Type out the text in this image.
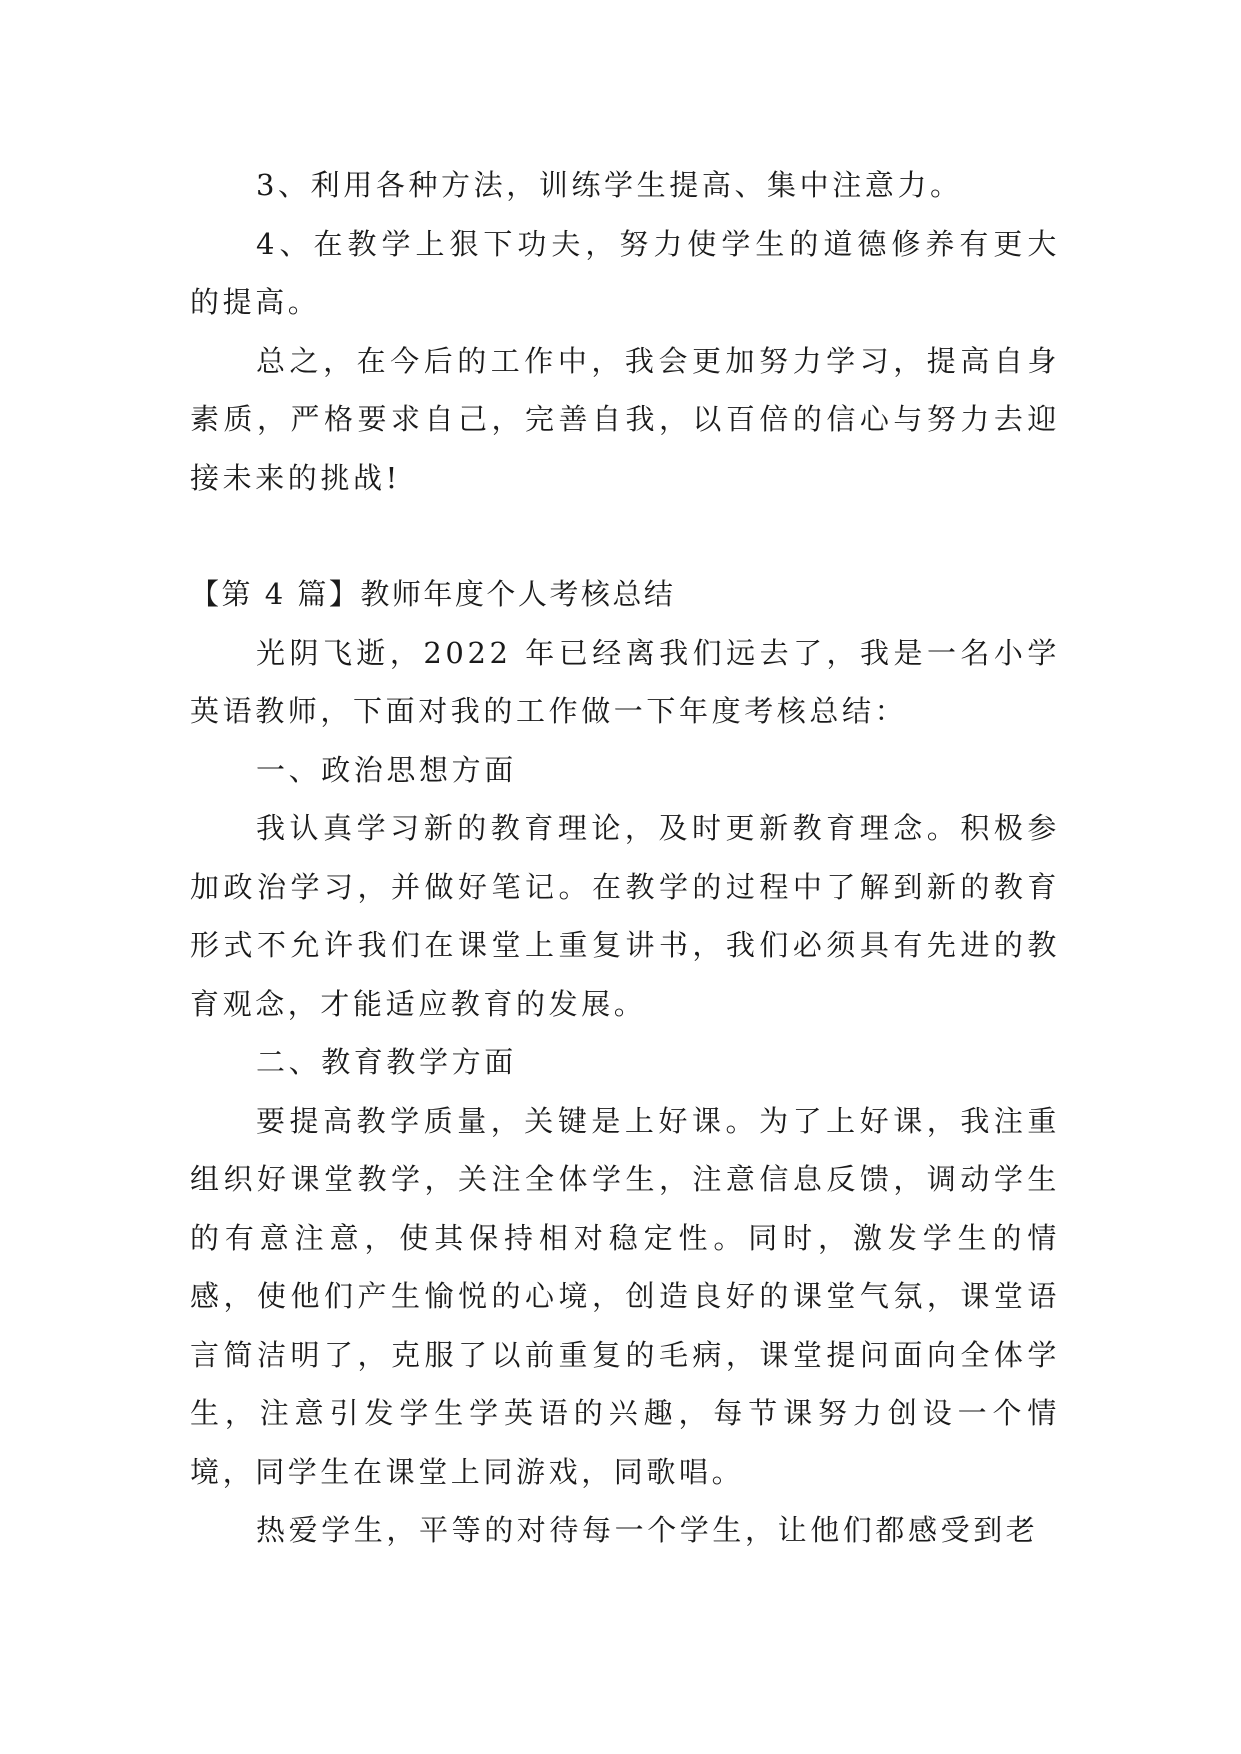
3、利用各种方法，训练学生提高、集中注意力。

4、在教学上狠下功夫，努力使学生的道德修养有更大的提高。

总之，在今后的工作中，我会更加努力学习，提高自身素质，严格要求自己，完善自我，以百倍的信心与努力去迎接未来的挑战!

【第 4 篇】教师年度个人考核总结

光阴飞逝，2022 年已经离我们远去了，我是一名小学英语教师，下面对我的工作做一下年度考核总结：

一、政治思想方面

我认真学习新的教育理论，及时更新教育理念。积极参加政治学习，并做好笔记。在教学的过程中了解到新的教育形式不允许我们在课堂上重复讲书，我们必须具有先进的教育观念，才能适应教育的发展。

二、教育教学方面

要提高教学质量，关键是上好课。为了上好课，我注重组织好课堂教学，关注全体学生，注意信息反馈，调动学生的有意注意，使其保持相对稳定性。同时，激发学生的情感，使他们产生愉悦的心境，创造良好的课堂气氛，课堂语言简洁明了，克服了以前重复的毛病，课堂提问面向全体学生，注意引发学生学英语的兴趣，每节课努力创设一个情境，同学生在课堂上同游戏，同歌唱。

热爱学生，平等的对待每一个学生，让他们都感受到老
